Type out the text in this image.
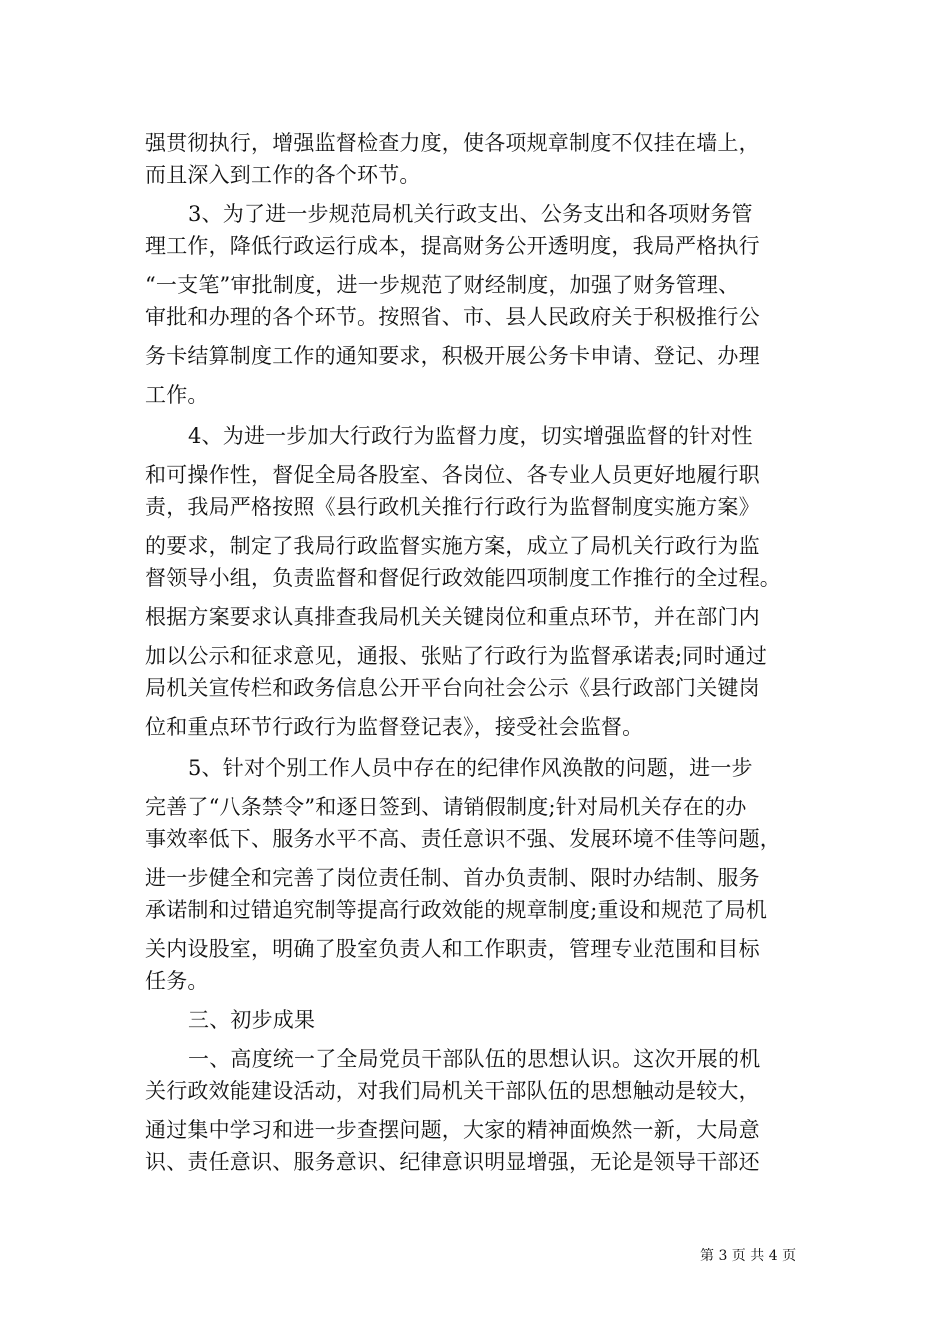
强贯彻执行，增强监督检查力度，使各项规章制度不仅挂在墙上，
而且深入到工作的各个环节。
3、为了进一步规范局机关行政支出、公务支出和各项财务管
理工作，降低行政运行成本，提高财务公开透明度，我局严格执行
“一支笔”审批制度，进一步规范了财经制度，加强了财务管理、
审批和办理的各个环节。按照省、市、县人民政府关于积极推行公
务卡结算制度工作的通知要求，积极开展公务卡申请、登记、办理
工作。
4、为进一步加大行政行为监督力度，切实增强监督的针对性
和可操作性，督促全局各股室、各岗位、各专业人员更好地履行职
责，我局严格按照《县行政机关推行行政行为监督制度实施方案》
的要求，制定了我局行政监督实施方案，成立了局机关行政行为监
督领导小组，负责监督和督促行政效能四项制度工作推行的全过程。
根据方案要求认真排查我局机关关键岗位和重点环节，并在部门内
加以公示和征求意见，通报、张贴了行政行为监督承诺表;同时通过
局机关宣传栏和政务信息公开平台向社会公示《县行政部门关键岗
位和重点环节行政行为监督登记表》，接受社会监督。
5、针对个别工作人员中存在的纪律作风涣散的问题，进一步
完善了“八条禁令”和逐日签到、请销假制度;针对局机关存在的办
事效率低下、服务水平不高、责任意识不强、发展环境不佳等问题，
进一步健全和完善了岗位责任制、首办负责制、限时办结制、服务
承诺制和过错追究制等提高行政效能的规章制度;重设和规范了局机
关内设股室，明确了股室负责人和工作职责，管理专业范围和目标
任务。
三、初步成果
一、高度统一了全局党员干部队伍的思想认识。这次开展的机
关行政效能建设活动，对我们局机关干部队伍的思想触动是较大，
通过集中学习和进一步查摆问题，大家的精神面焕然一新，大局意
识、责任意识、服务意识、纪律意识明显增强，无论是领导干部还
第 3 页 共 4 页
